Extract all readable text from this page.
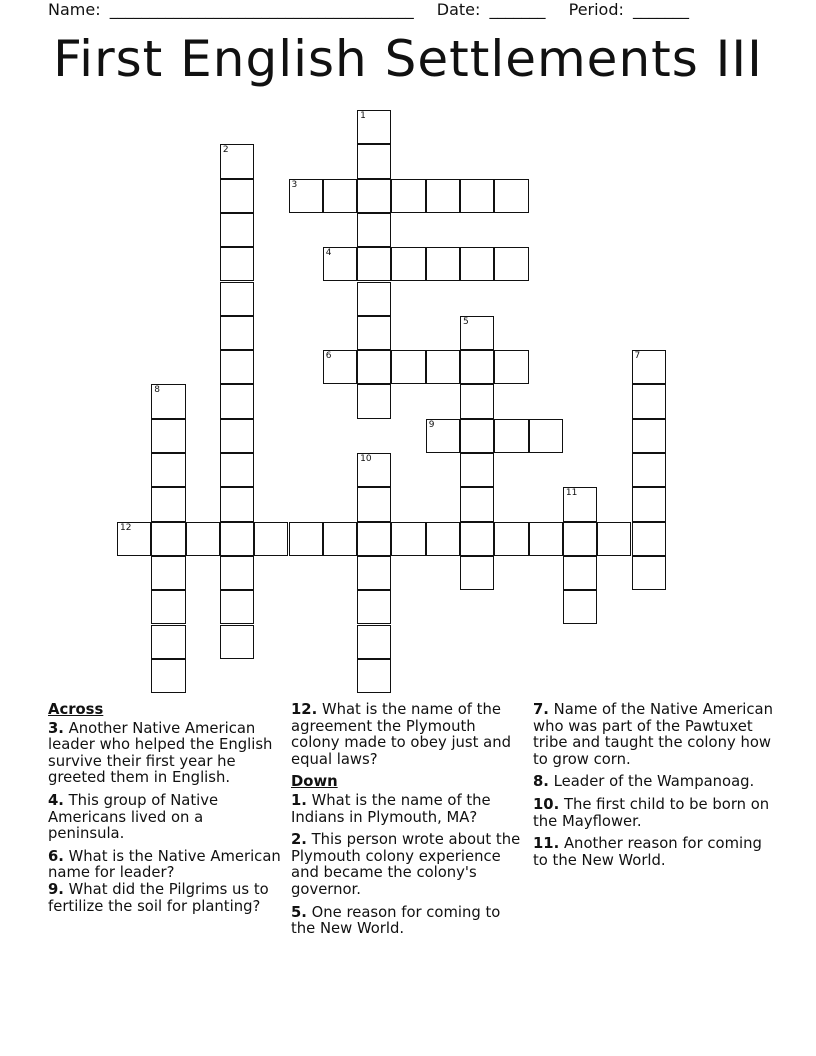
Name: ______________________________________ Date: _______ Period: _______
First English Settlements III
1
2
3
4
5
6	7
8
9
10
11
12
Across
3. Another Native American leader who helped the English survive their first year he greeted them in English.
4. This group of Native Americans lived on a peninsula.
6. What is the Native American name for leader?
9. What did the Pilgrims us to fertilize the soil for planting?
12. What is the name of the agreement the Plymouth colony made to obey just and equal laws?
Down
1. What is the name of the Indians in Plymouth, MA?
2. This person wrote about the Plymouth colony experience and became the colony's governor.
5. One reason for coming to the New World.
7. Name of the Native American who was part of the Pawtuxet tribe and taught the colony how to grow corn.
8. Leader of the Wampanoag.
10. The first child to be born on the Mayflower.
11. Another reason for coming to the New World.
